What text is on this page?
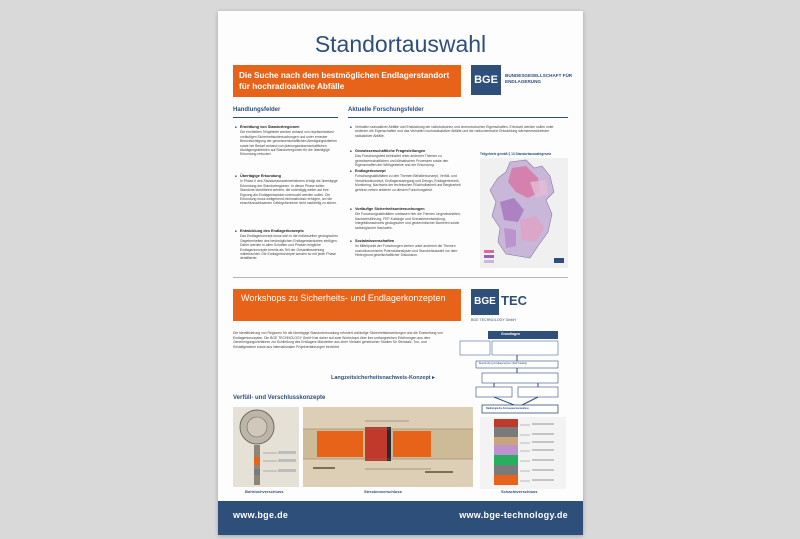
Standortauswahl
Die Suche nach dem bestmöglichen Endlagerstandort für hochradioaktive Abfälle
BGE	BUNDESGESELLSCHAFT FÜR ENDLAGERUNG
Handlungsfelder	Aktuelle Forschungsfelder
■ Ermittlung von Standortregionen
Die ermittelten Teilgebiete werden anhand von repräsentativen vorläufigen Sicherheitsuntersuchungen und unter erneuter Berücksichtigung der geowissenschaftlichen Abwägungskriterien sowie bei Bedarf anhand von planungswissenschaftlichen Abwägungskriterien auf Standortregionen für die übertägige Erkundung reduziert.
■ Übertägige Erkundung
In Phase II des Standortauswahlverfahrens erfolgt die übertägige Erkundung der Standortregionen. In dieser Phase sollen Standorte identifiziert werden, die untertägig weiter auf ihre Eignung als Endlagerstandort untersucht werden sollen. Die Erkundung muss weitgehend minimalinvasiv erfolgen, um die einschlusswirksamen Gebirgsbereiche nicht nachteilig zu stören.
■ Entwicklung des Endlagerkonzepts
Das Endlagerkonzept muss sich in die individuellen geologischen Gegebenheiten des bestmöglichen Endlagerstandortes einfügen. Daher werden in allen Schritten und Phasen mögliche Endlagerkonzepte bereits als Teil der Gesamtbewertung mitbetrachtet. Die Endlagerkonzepte werden so mit jeder Phase detaillierter.
■ Verhalten radioaktiver Abfälle und Entwicklung der radiotoxischen und chemotoxischen Eigenschaften. Erforscht werden sollen unter anderem die Eigenschaften und das Verhalten hochradioaktiver Abfälle und die radiochemische Entwicklung wärmeentwickelnder radioaktiver Abfälle.
■ Geowissenschaftliche Fragestellungen
Das Forschungsfeld beinhaltet unter anderem Themen zu geowissenschaftlichen und klimatischen Prozessen sowie den Eigenschaften der Wirtsgesteine und der Erkundung.
■ Endlagerkonzept
Forschungsaktivitäten zu den Themen Behälterkonzept, Verfüll- und Verschlusskonzept, Endlagerauslegung und Design, Endlagertechnik, Monitoring, Nachweis der technischen Rückholbarkeit und Bergbarkeit gehören neben anderen zu diesem Forschungsfeld.
■ Vorläufige Sicherheitsuntersuchungen
Die Forschungsaktivitäten umfassen hier die Themen Ungewissheiten, Nachweisführung, FEP-Kataloge und Szenarienentwicklung, Integritätsnachweis geologischer und geotechnischer Barrieren sowie radiologischer Nachweis.
■ Sozialwissenschaften
Im Mittelpunkt der Forschungen stehen unter anderem die Themen sozioökonomische Potenzialanalysen und Standortauswahl vor dem Hintergrund gesellschaftlicher Diskussion.
Teilgebiete gemäß § 13 Standortauswahlgesetz
Workshops zu Sicherheits- und Endlagerkonzepten	BGE TEC
BGE TECHNOLOGY GmbH
Die Identifizierung von Regionen für die übertägige Standorterkundung erfordert vorläufige Sicherheitsbewertungen und die Erarbeitung von Endlagerkonzepten. Die BGE TECHNOLOGY GmbH hat daher auf zwei Workshops über ihre umfangreichen Erfahrungen aus dem Genehmigungsverfahren zur Schließung des Endlagers Mörsleben aus einer Vielzahl generischer Studien für Steinsalz, Ton- und Kristallgesteine sowie aus internationalen Projekterfahrungen berichtet.
Langzeitsicherheitsnachweis-Konzept ▸
Grundlagen
Beschreibung Endlagersystem (FEP Katalog)
Radiologische Konsequenzenanalyse
Verfüll- und Verschlusskonzepte
Bohrlochverschluss	Streckenverschluss	Schachtverschluss
www.bge.de	www.bge-technology.de
